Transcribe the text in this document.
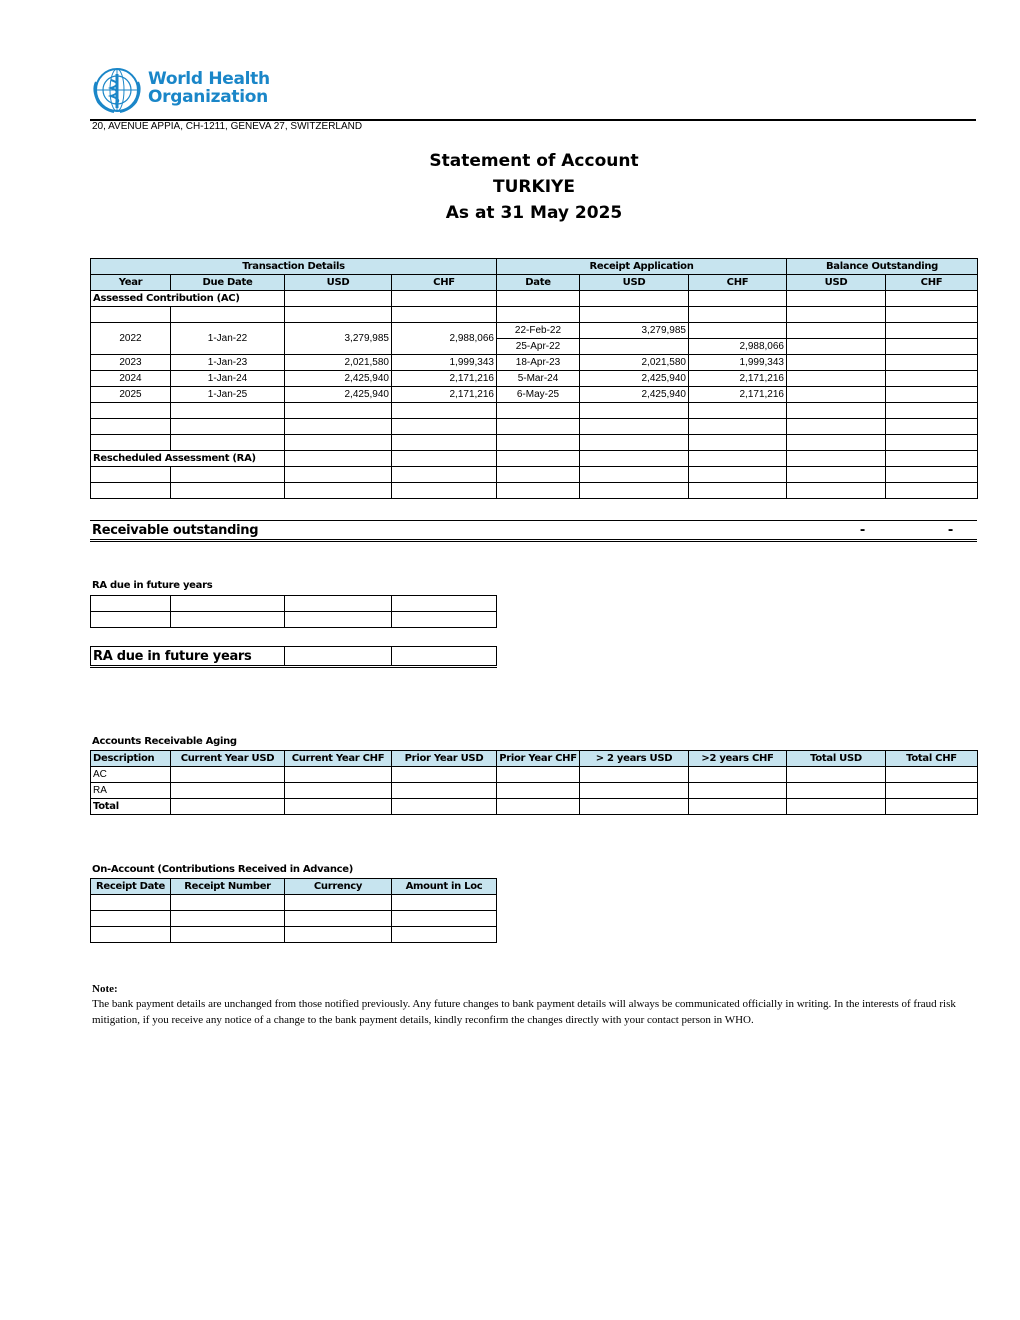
World Health
Organization
20, AVENUE APPIA, CH-1211, GENEVA 27, SWITZERLAND
Statement of Account
TURKIYE
As at 31 May 2025
Transaction Details				Receipt Application			Balance Outstanding	
Year	Due Date	USD	CHF	Date	USD	CHF	USD	CHF
Assessed Contribution (AC)								

2022	1-Jan-22	3,279,985	2,988,066	22-Feb-22	3,279,985			
				25-Apr-22		2,988,066		
2023	1-Jan-23	2,021,580	1,999,343	18-Apr-23	2,021,580	1,999,343		
2024	1-Jan-24	2,425,940	2,171,216	5-Mar-24	2,425,940	2,171,216		
2025	1-Jan-25	2,425,940	2,171,216	6-May-25	2,425,940	2,171,216		

Rescheduled Assessment (RA)								

Receivable outstanding	-	-
RA due in future years

RA due in future years		
Accounts Receivable Aging
Description	Current Year USD	Current Year CHF	Prior Year USD	Prior Year CHF	> 2 years USD	>2 years CHF	Total USD	Total CHF
AC								
RA								
Total								
On-Account (Contributions Received in Advance)
Receipt Date	Receipt Number	Currency	Amount in Loc

Note:
The bank payment details are unchanged from those notified previously. Any future changes to bank payment details will always be communicated officially in writing. In the interests of fraud risk mitigation, if you receive any notice of a change to the bank payment details, kindly reconfirm the changes directly with your contact person in WHO.
